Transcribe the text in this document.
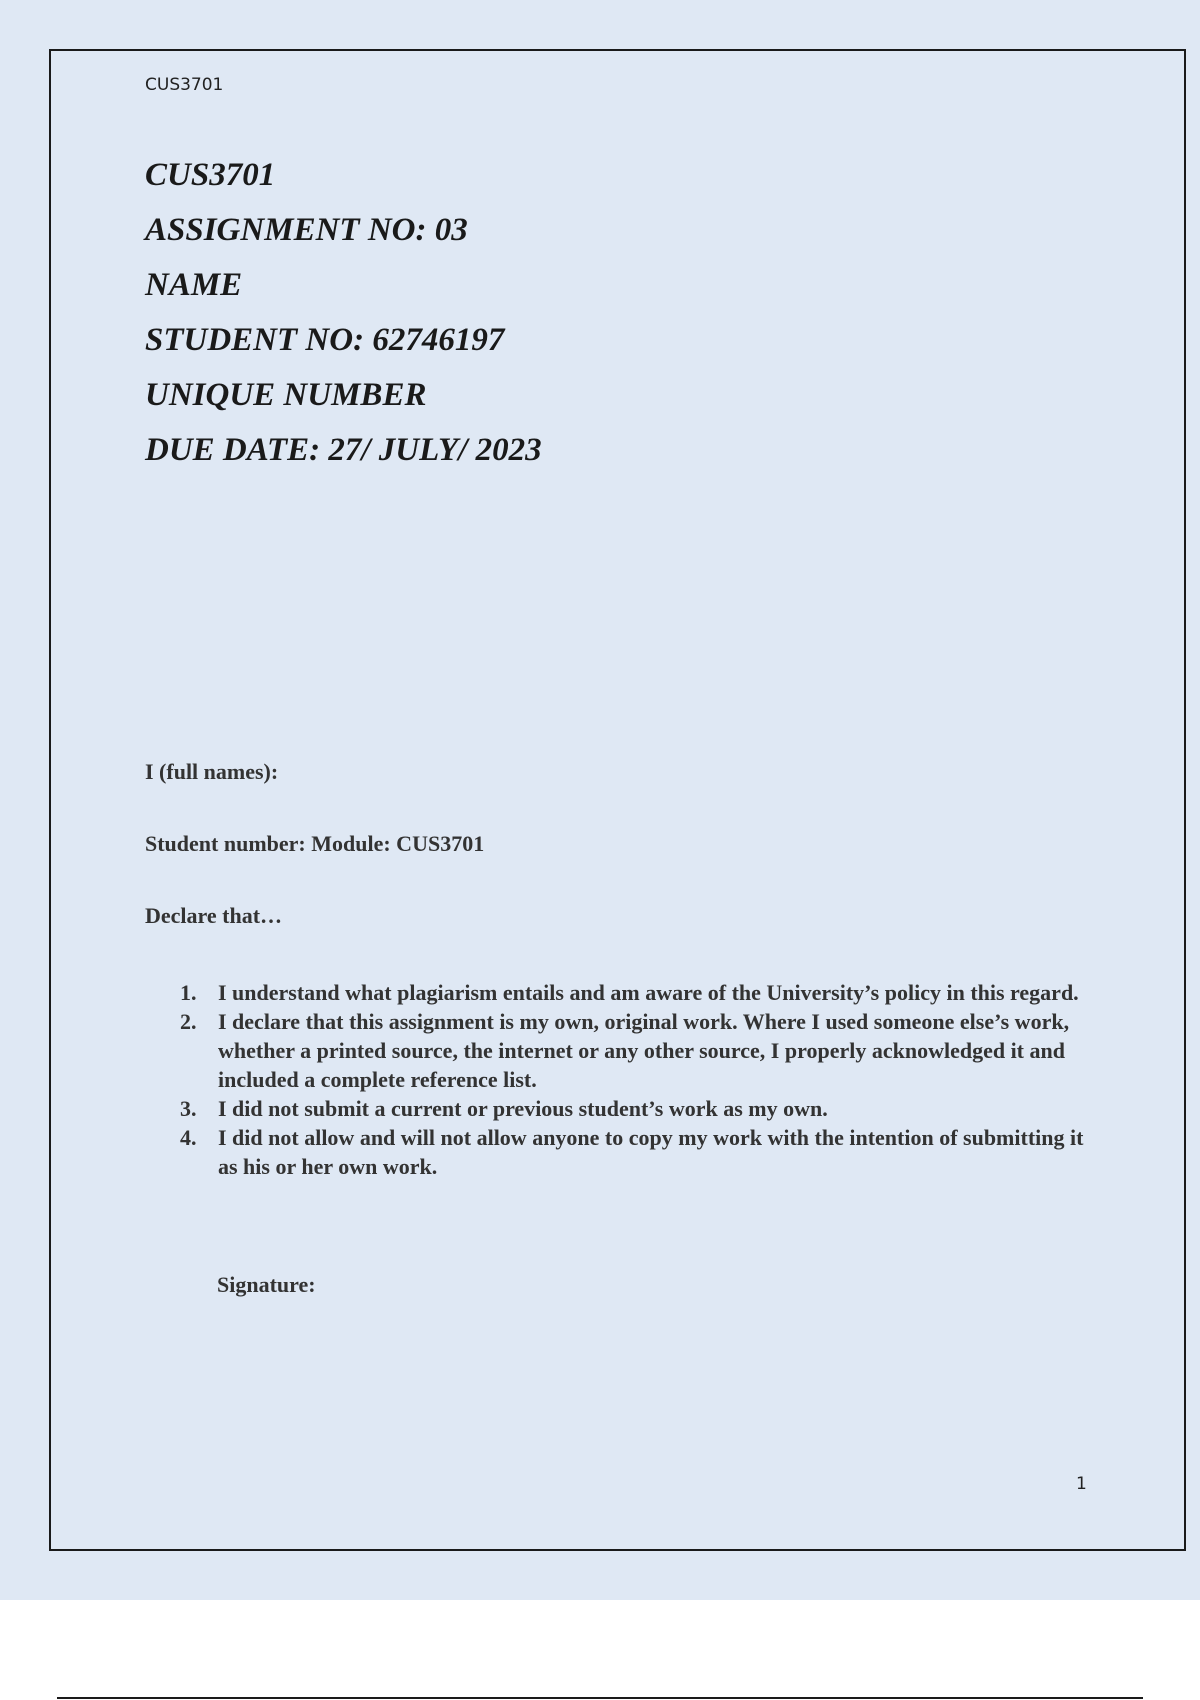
CUS3701
CUS3701
ASSIGNMENT NO: 03
NAME
STUDENT NO: 62746197
UNIQUE NUMBER
DUE DATE: 27/ JULY/ 2023
I (full names):
Student number: Module: CUS3701
Declare that…
1. I understand what plagiarism entails and am aware of the University’s policy in this regard.
2. I declare that this assignment is my own, original work. Where I used someone else’s work, whether a printed source, the internet or any other source, I properly acknowledged it and included a complete reference list.
3. I did not submit a current or previous student’s work as my own.
4. I did not allow and will not allow anyone to copy my work with the intention of submitting it as his or her own work.
Signature:
1
